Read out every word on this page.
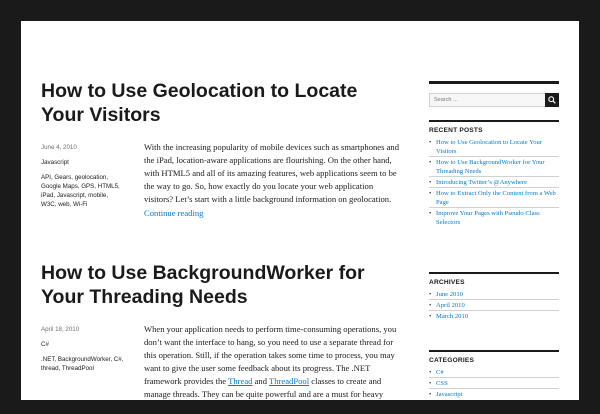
How to Use Geolocation to Locate Your Visitors
June 4, 2010
Javascript
API, Gears, geolocation, Google Maps, GPS, HTML5, iPad, Javascript, mobile, W3C, web, Wi-Fi

With the increasing popularity of mobile devices such as smartphones and the iPad, location-aware applications are flourishing. On the other hand, with HTML5 and all of its amazing features, web applications seem to be the way to go. So, how exactly do you locate your web application visitors? Let’s start with a little background information on geolocation.

Continue reading
How to Use BackgroundWorker for Your Threading Needs
April 18, 2010
C#
.NET, BackgroundWorker, C#, thread, ThreadPool

When your application needs to perform time-consuming operations, you don’t want the interface to hang, so you need to use a separate thread for this operation. Still, if the operation takes some time to process, you may want to give the user some feedback about its progress. The .NET framework provides the Thread and ThreadPool classes to create and manage threads. They can be quite powerful and are a must for heavy threading operations. However, if you are trying to update the

Search …
RECENT POSTS
• How to Use Geolocation to Locate Your Visitors
• How to Use BackgroundWorker for Your Threading Needs
• Introducing Twitter’s @Anywhere
• How to Extract Only the Content from a Web Page
• Improve Your Pages with Pseudo Class Selectors
ARCHIVES
• June 2010
• April 2010
• March 2010
CATEGORIES
• C#
• CSS
• Javascript
